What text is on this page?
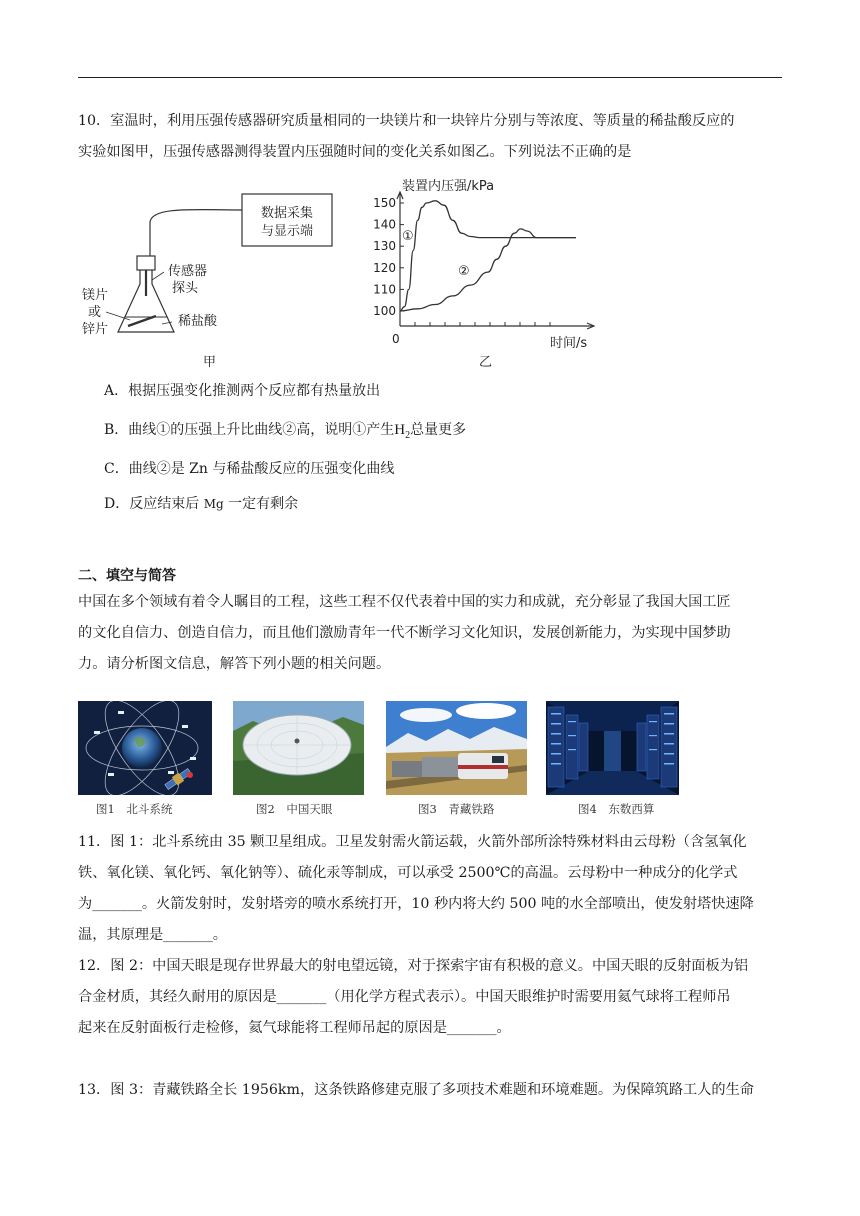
10．室温时，利用压强传感器研究质量相同的一块镁片和一块锌片分别与等浓度、等质量的稀盐酸反应的
实验如图甲，压强传感器测得装置内压强随时间的变化关系如图乙。下列说法不正确的是

数据采集
与显示端
传感器
探头
镁片
或
锌片
稀盐酸
甲
150
140
130
120
110
100
装置内压强/kPa
时间/s
0
①
②
乙
A．根据压强变化推测两个反应都有热量放出
B．曲线①的压强上升比曲线②高，说明①产生$H_2$总量更多
C．曲线②是 Zn 与稀盐酸反应的压强变化曲线
D．反应结束后 Mg 一定有剩余
二、填空与简答

中国在多个领域有着令人瞩目的工程，这些工程不仅代表着中国的实力和成就，充分彰显了我国大国工匠
的文化自信力、创造自信力，而且他们激励青年一代不断学习文化知识，发展创新能力，为实现中国梦助
力。请分析图文信息，解答下列小题的相关问题。

图1　北斗系统	图2　中国天眼	图3　青藏铁路	图4　东数西算

11．图 1：北斗系统由 35 颗卫星组成。卫星发射需火箭运载，火箭外部所涂特殊材料由云母粉（含氢氧化
铁、氧化镁、氧化钙、氧化钠等）、硫化汞等制成，可以承受 2500℃的高温。云母粉中一种成分的化学式
为_______。火箭发射时，发射塔旁的喷水系统打开，10 秒内将大约 500 吨的水全部喷出，使发射塔快速降
温，其原理是_______。

12．图 2：中国天眼是现存世界最大的射电望远镜，对于探索宇宙有积极的意义。中国天眼的反射面板为铝
合金材质，其经久耐用的原因是_______（用化学方程式表示）。中国天眼维护时需要用氦气球将工程师吊
起来在反射面板行走检修，氦气球能将工程师吊起的原因是_______。

13．图 3：青藏铁路全长 1956km，这条铁路修建克服了多项技术难题和环境难题。为保障筑路工人的生命
